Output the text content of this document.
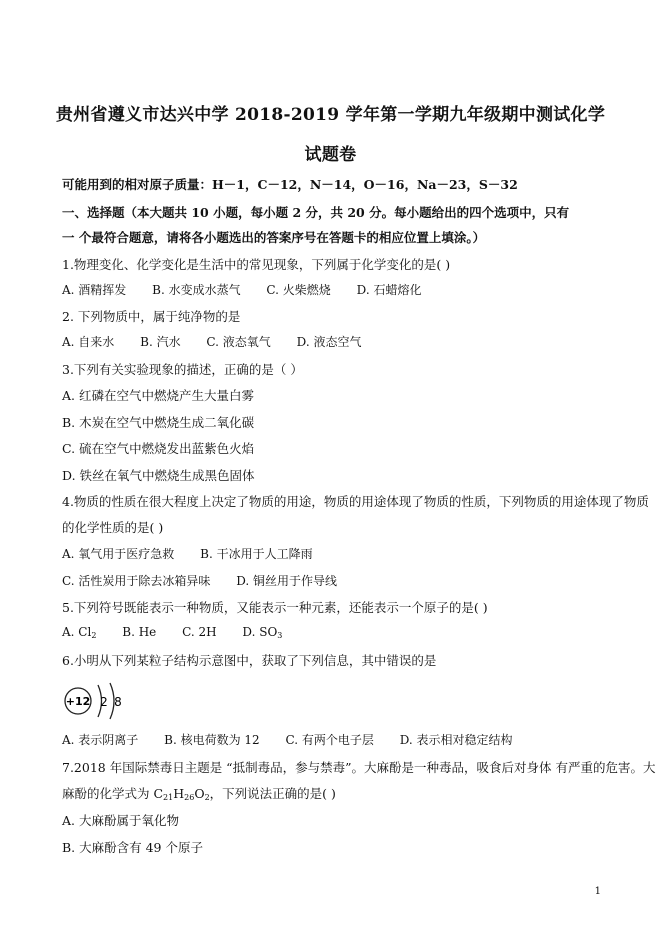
贵州省遵义市达兴中学 2018-2019 学年第一学期九年级期中测试化学
试题卷
可能用到的相对原子质量：H－1，C－12，N－14，O－16，Na－23，S－32
一、选择题（本大题共 10 小题，每小题 2 分，共 20 分。每小题给出的四个选项中，只有
一 个最符合题意，请将各小题选出的答案序号在答题卡的相应位置上填涂。）
1.物理变化、化学变化是生活中的常见现象，下列属于化学变化的是( )
A. 酒精挥发 B. 水变成水蒸气 C. 火柴燃烧 D. 石蜡熔化
2. 下列物质中，属于纯净物的是
A. 自来水 B. 汽水 C. 液态氧气 D. 液态空气
3.下列有关实验现象的描述，正确的是（ ）
A. 红磷在空气中燃烧产生大量白雾
B. 木炭在空气中燃烧生成二氧化碳
C. 硫在空气中燃烧发出蓝紫色火焰
D. 铁丝在氧气中燃烧生成黑色固体
4.物质的性质在很大程度上决定了物质的用途，物质的用途体现了物质的性质，下列物质的用途体现了物质
的化学性质的是( )
A. 氧气用于医疗急救 B. 干冰用于人工降雨
C. 活性炭用于除去冰箱异味 D. 铜丝用于作导线
5.下列符号既能表示一种物质，又能表示一种元素，还能表示一个原子的是( )
A. $Cl_2$ B. He C. 2H D. $SO_3$
6.小明从下列某粒子结构示意图中，获取了下列信息，其中错误的是
+12 2 8
A. 表示阴离子 B. 核电荷数为 12 C. 有两个电子层 D. 表示相对稳定结构
7.2018 年国际禁毒日主题是 “抵制毒品，参与禁毒”。大麻酚是一种毒品，吸食后对身体 有严重的危害。大
麻酚的化学式为 $C_{21}H_{26}O_2$，下列说法正确的是( )
A. 大麻酚属于氧化物
B. 大麻酚含有 49 个原子
1
